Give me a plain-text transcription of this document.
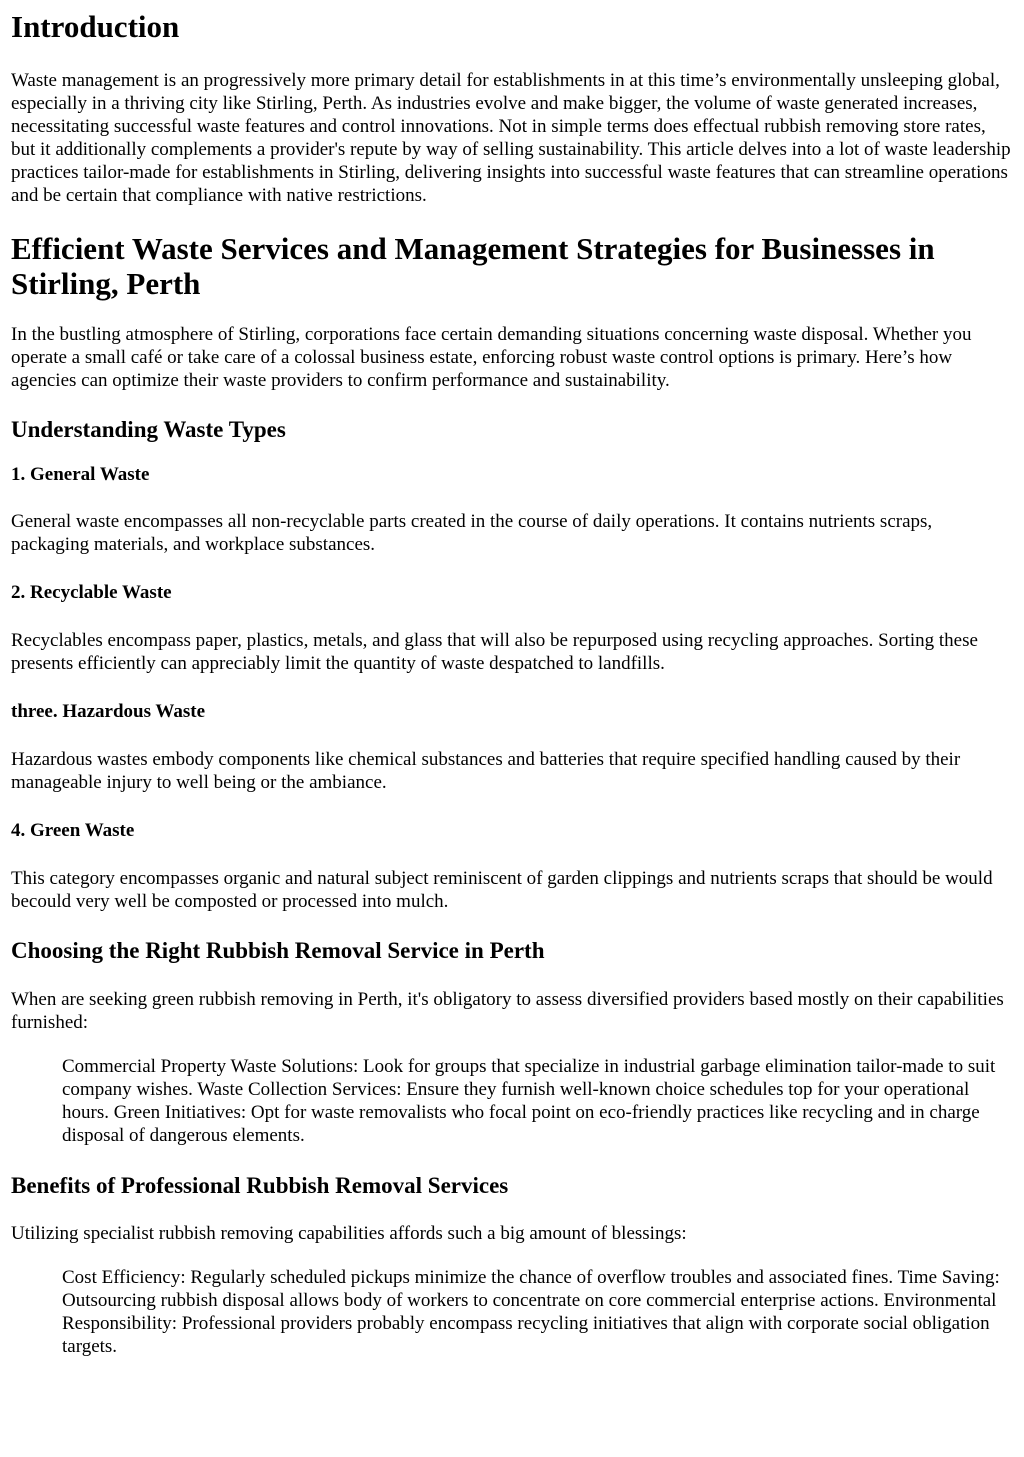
Introduction

Waste management is an progressively more primary detail for establishments in at this time’s environmentally unsleeping global, especially in a thriving city like Stirling, Perth. As industries evolve and make bigger, the volume of waste generated increases, necessitating successful waste features and control innovations. Not in simple terms does effectual rubbish removing store rates, but it additionally complements a provider's repute by way of selling sustainability. This article delves into a lot of waste leadership practices tailor-made for establishments in Stirling, delivering insights into successful waste features that can streamline operations and be certain that compliance with native restrictions.

Efficient Waste Services and Management Strategies for Businesses in Stirling, Perth

In the bustling atmosphere of Stirling, corporations face certain demanding situations concerning waste disposal. Whether you operate a small café or take care of a colossal business estate, enforcing robust waste control options is primary. Here’s how agencies can optimize their waste providers to confirm performance and sustainability.

Understanding Waste Types
1. General Waste

General waste encompasses all non-recyclable parts created in the course of daily operations. It contains nutrients scraps, packaging materials, and workplace substances.

2. Recyclable Waste

Recyclables encompass paper, plastics, metals, and glass that will also be repurposed using recycling approaches. Sorting these presents efficiently can appreciably limit the quantity of waste despatched to landfills.

three. Hazardous Waste

Hazardous wastes embody components like chemical substances and batteries that require specified handling caused by their manageable injury to well being or the ambiance.

4. Green Waste

This category encompasses organic and natural subject reminiscent of garden clippings and nutrients scraps that should be would becould very well be composted or processed into mulch.

Choosing the Right Rubbish Removal Service in Perth

When are seeking green rubbish removing in Perth, it's obligatory to assess diversified providers based mostly on their capabilities furnished:

Commercial Property Waste Solutions: Look for groups that specialize in industrial garbage elimination tailor-made to suit company wishes. Waste Collection Services: Ensure they furnish well-known choice schedules top for your operational hours. Green Initiatives: Opt for waste removalists who focal point on eco-friendly practices like recycling and in charge disposal of dangerous elements.
Benefits of Professional Rubbish Removal Services

Utilizing specialist rubbish removing capabilities affords such a big amount of blessings:

Cost Efficiency: Regularly scheduled pickups minimize the chance of overflow troubles and associated fines. Time Saving: Outsourcing rubbish disposal allows body of workers to concentrate on core commercial enterprise actions. Environmental Responsibility: Professional providers probably encompass recycling initiatives that align with corporate social obligation targets.
